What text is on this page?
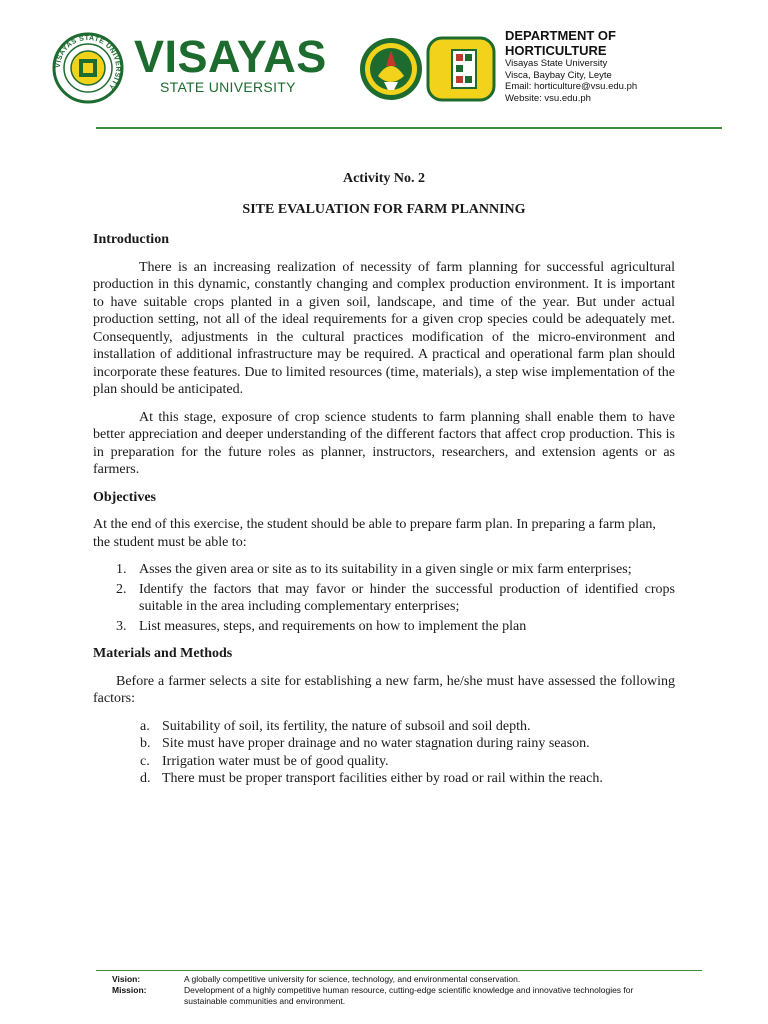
VISAYAS STATE UNIVERSITY
VISAYAS
STATE UNIVERSITY
DEPARTMENT OF
HORTICULTURE
Visayas State University
Visca, Baybay City, Leyte
Email: horticulture@vsu.edu.ph
Website: vsu.edu.ph

Activity No. 2

SITE EVALUATION FOR FARM PLANNING

Introduction

There is an increasing realization of necessity of farm planning for successful agricultural production in this dynamic, constantly changing and complex production environment. It is important to have suitable crops planted in a given soil, landscape, and time of the year. But under actual production setting, not all of the ideal requirements for a given crop species could be adequately met. Consequently, adjustments in the cultural practices modification of the micro-environment and installation of additional infrastructure may be required. A practical and operational farm plan should incorporate these features. Due to limited resources (time, materials), a step wise implementation of the plan should be anticipated.

At this stage, exposure of crop science students to farm planning shall enable them to have better appreciation and deeper understanding of the different factors that affect crop production. This is in preparation for the future roles as planner, instructors, researchers, and extension agents or as farmers.

Objectives

At the end of this exercise, the student should be able to prepare farm plan. In preparing a farm plan, the student must be able to:

1. Asses the given area or site as to its suitability in a given single or mix farm enterprises;
2. Identify the factors that may favor or hinder the successful production of identified crops suitable in the area including complementary enterprises;
3. List measures, steps, and requirements on how to implement the plan

Materials and Methods

Before a farmer selects a site for establishing a new farm, he/she must have assessed the following factors:

a. Suitability of soil, its fertility, the nature of subsoil and soil depth.
b. Site must have proper drainage and no water stagnation during rainy season.
c. Irrigation water must be of good quality.
d. There must be proper transport facilities either by road or rail within the reach.
Vision:	A globally competitive university for science, technology, and environmental conservation.
Mission:	Development of a highly competitive human resource, cutting-edge scientific knowledge and innovative technologies for sustainable communities and environment.
